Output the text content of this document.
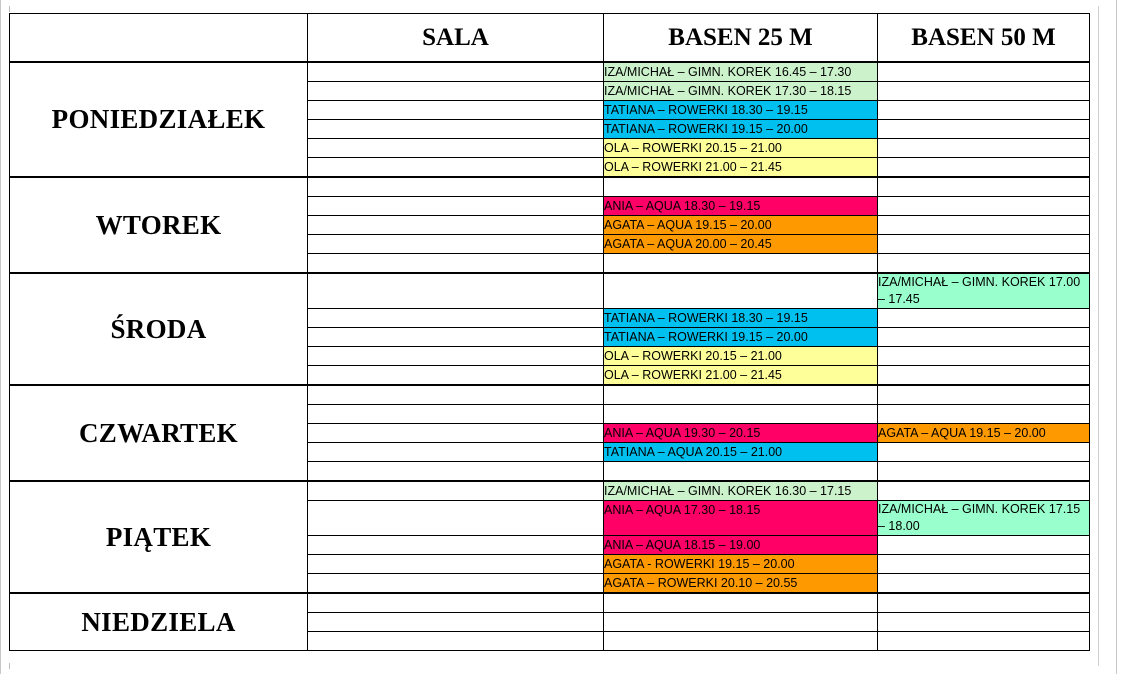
	SALA	BASEN 25 M	BASEN 50 M
PONIEDZIAŁEK		IZA/MICHAŁ – GIMN. KOREK 16.45 – 17.30	
		IZA/MICHAŁ – GIMN. KOREK 17.30 – 18.15	
		TATIANA – ROWERKI 18.30 – 19.15	
		TATIANA – ROWERKI 19.15 – 20.00	
		OLA – ROWERKI 20.15 – 21.00	
		OLA – ROWERKI 21.00 – 21.45	
WTOREK			
		ANIA – AQUA 18.30 – 19.15	
		AGATA – AQUA 19.15 – 20.00	
		AGATA – AQUA 20.00 – 20.45	

ŚRODA			IZA/MICHAŁ – GIMN. KOREK 17.00 – 17.45
		TATIANA – ROWERKI 18.30 – 19.15	
		TATIANA – ROWERKI 19.15 – 20.00	
		OLA – ROWERKI 20.15 – 21.00	
		OLA – ROWERKI 21.00 – 21.45	
CZWARTEK			

		ANIA – AQUA 19.30 – 20.15	AGATA – AQUA 19.15 – 20.00
		TATIANA – AQUA 20.15 – 21.00	

PIĄTEK		IZA/MICHAŁ – GIMN. KOREK 16.30 – 17.15	
		ANIA – AQUA 17.30 – 18.15	IZA/MICHAŁ – GIMN. KOREK 17.15 – 18.00
		ANIA – AQUA 18.15 – 19.00	
		AGATA - ROWERKI 19.15 – 20.00	
		AGATA – ROWERKI 20.10 – 20.55	
NIEDZIELA			
